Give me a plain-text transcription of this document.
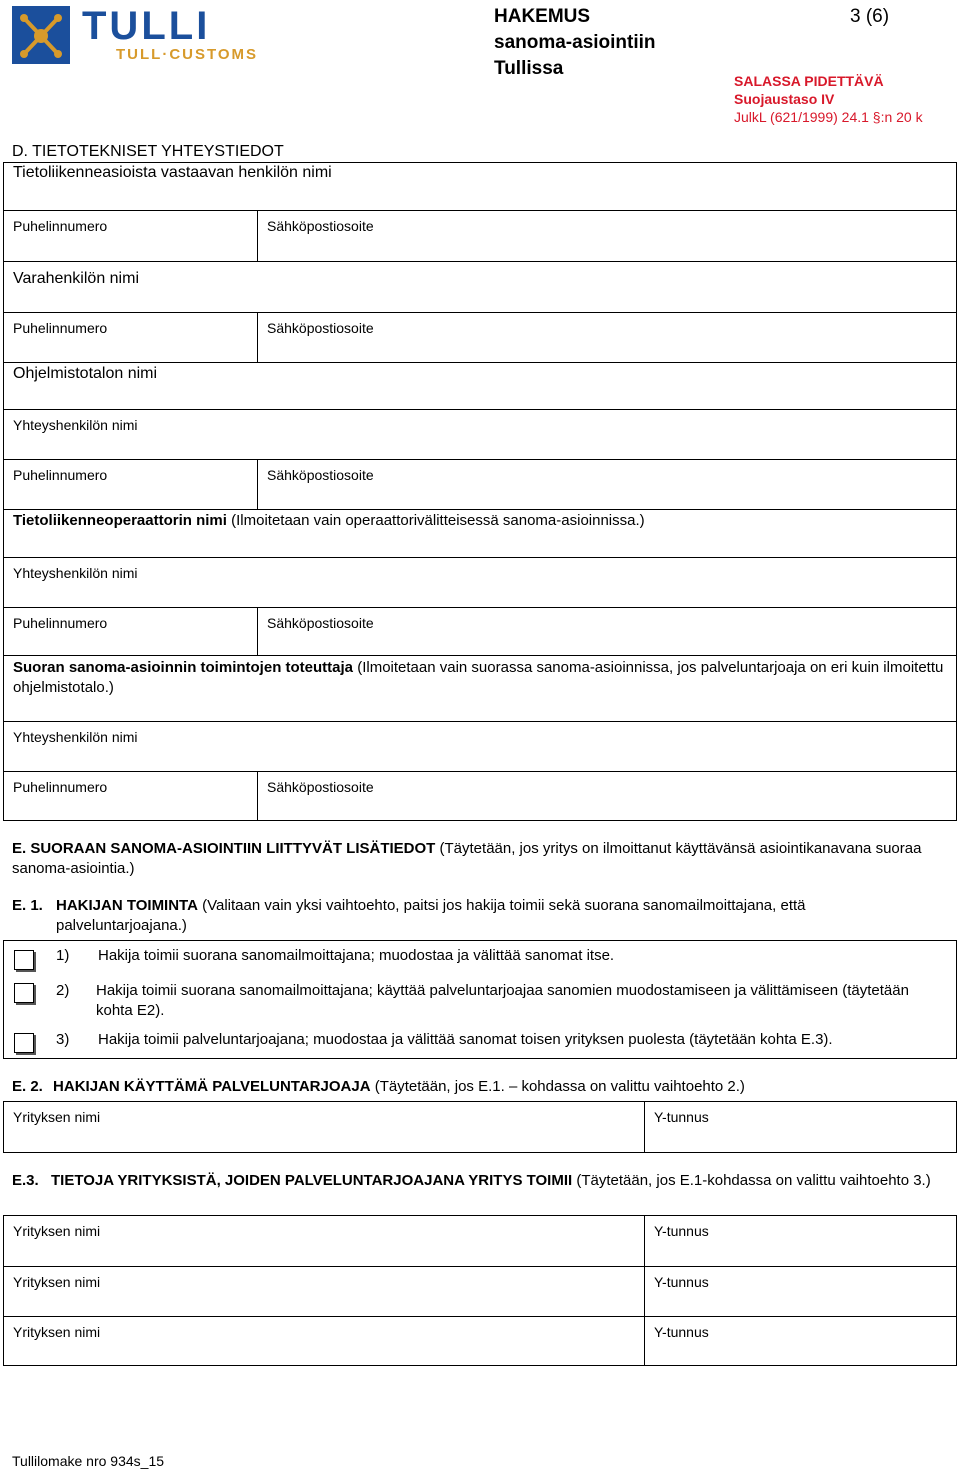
TULLI
TULL·CUSTOMS
HAKEMUS
sanoma-asiointiin
Tullissa
3 (6)
SALASSA PIDETTÄVÄ
Suojaustaso IV
JulkL (621/1999) 24.1 §:n 20 k
D. TIETOTEKNISET YHTEYSTIEDOT
Tietoliikenneasioista vastaavan henkilön nimi
Puhelinnumero	Sähköpostiosoite
Varahenkilön nimi
Puhelinnumero	Sähköpostiosoite
Ohjelmistotalon nimi
Yhteyshenkilön nimi
Puhelinnumero	Sähköpostiosoite
Tietoliikenneoperaattorin nimi (Ilmoitetaan vain operaattorivälitteisessä sanoma-asioinnissa.)
Yhteyshenkilön nimi
Puhelinnumero	Sähköpostiosoite
Suoran sanoma-asioinnin toimintojen toteuttaja (Ilmoitetaan vain suorassa sanoma-asioinnissa, jos palveluntarjoaja on eri kuin ilmoitettu ohjelmistotalo.)
Yhteyshenkilön nimi
Puhelinnumero	Sähköpostiosoite
E. SUORAAN SANOMA-ASIOINTIIN LIITTYVÄT LISÄTIEDOT (Täytetään, jos yritys on ilmoittanut käyttävänsä asiointikanavana suoraa sanoma-asiointia.)
E. 1. HAKIJAN TOIMINTA (Valitaan vain yksi vaihtoehto, paitsi jos hakija toimii sekä suorana sanomailmoittajana, että palveluntarjoajana.)
1) Hakija toimii suorana sanomailmoittajana; muodostaa ja välittää sanomat itse.
2) Hakija toimii suorana sanomailmoittajana; käyttää palveluntarjoajaa sanomien muodostamiseen ja välittämiseen (täytetään kohta E2).
3) Hakija toimii palveluntarjoajana; muodostaa ja välittää sanomat toisen yrityksen puolesta (täytetään kohta E.3).
E. 2. HAKIJAN KÄYTTÄMÄ PALVELUNTARJOAJA (Täytetään, jos E.1. – kohdassa on valittu vaihtoehto 2.)
Yrityksen nimi	Y-tunnus
E.3. TIETOJA YRITYKSISTÄ, JOIDEN PALVELUNTARJOAJANA YRITYS TOIMII (Täytetään, jos E.1-kohdassa on valittu vaihtoehto 3.)
Yrityksen nimi	Y-tunnus
Yrityksen nimi	Y-tunnus
Yrityksen nimi	Y-tunnus
Tullilomake nro 934s_15
